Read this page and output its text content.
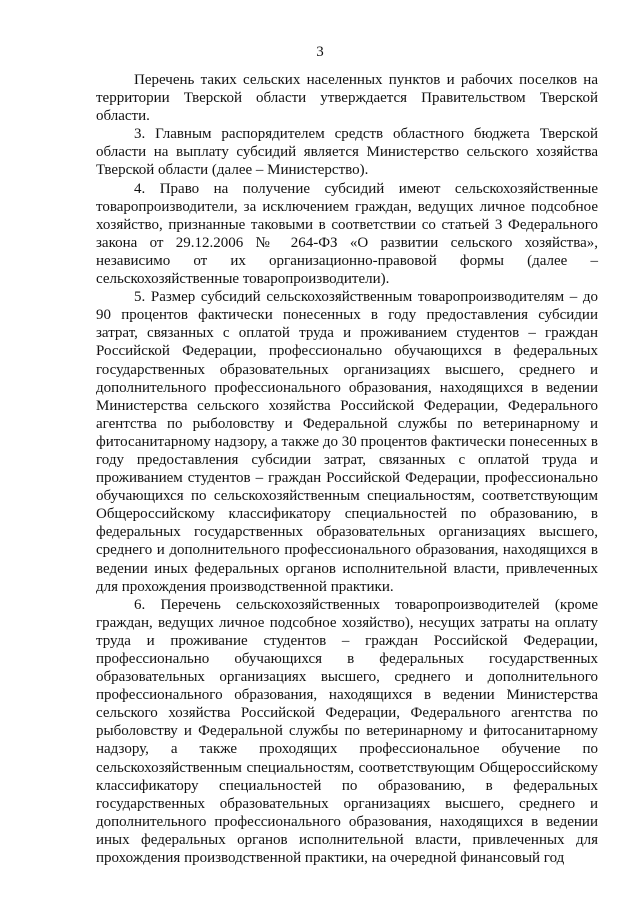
3

Перечень таких сельских населенных пунктов и рабочих поселков на территории Тверской области утверждается Правительством Тверской области.

3. Главным распорядителем средств областного бюджета Тверской области на выплату субсидий является Министерство сельского хозяйства Тверской области (далее – Министерство).

4. Право на получение субсидий имеют сельскохозяйственные товаропроизводители, за исключением граждан, ведущих личное подсобное хозяйство, признанные таковыми в соответствии со статьей 3 Федерального закона от 29.12.2006 № 264-ФЗ «О развитии сельского хозяйства», независимо от их организационно-правовой формы (далее – сельскохозяйственные товаропроизводители).

5. Размер субсидий сельскохозяйственным товаропроизводителям – до 90 процентов фактически понесенных в году предоставления субсидии затрат, связанных с оплатой труда и проживанием студентов – граждан Российской Федерации, профессионально обучающихся в федеральных государственных образовательных организациях высшего, среднего и дополнительного профессионального образования, находящихся в ведении Министерства сельского хозяйства Российской Федерации, Федерального агентства по рыболовству и Федеральной службы по ветеринарному и фитосанитарному надзору, а также до 30 процентов фактически понесенных в году предоставления субсидии затрат, связанных с оплатой труда и проживанием студентов – граждан Российской Федерации, профессионально обучающихся по сельскохозяйственным специальностям, соответствующим Общероссийскому классификатору специальностей по образованию, в федеральных государственных образовательных организациях высшего, среднего и дополнительного профессионального образования, находящихся в ведении иных федеральных органов исполнительной власти, привлеченных для прохождения производственной практики.

6. Перечень сельскохозяйственных товаропроизводителей (кроме граждан, ведущих личное подсобное хозяйство), несущих затраты на оплату труда и проживание студентов – граждан Российской Федерации, профессионально обучающихся в федеральных государственных образовательных организациях высшего, среднего и дополнительного профессионального образования, находящихся в ведении Министерства сельского хозяйства Российской Федерации, Федерального агентства по рыболовству и Федеральной службы по ветеринарному и фитосанитарному надзору, а также проходящих профессиональное обучение по сельскохозяйственным специальностям, соответствующим Общероссийскому классификатору специальностей по образованию, в федеральных государственных образовательных организациях высшего, среднего и дополнительного профессионального образования, находящихся в ведении иных федеральных органов исполнительной власти, привлеченных для прохождения производственной практики, на очередной финансовый год
